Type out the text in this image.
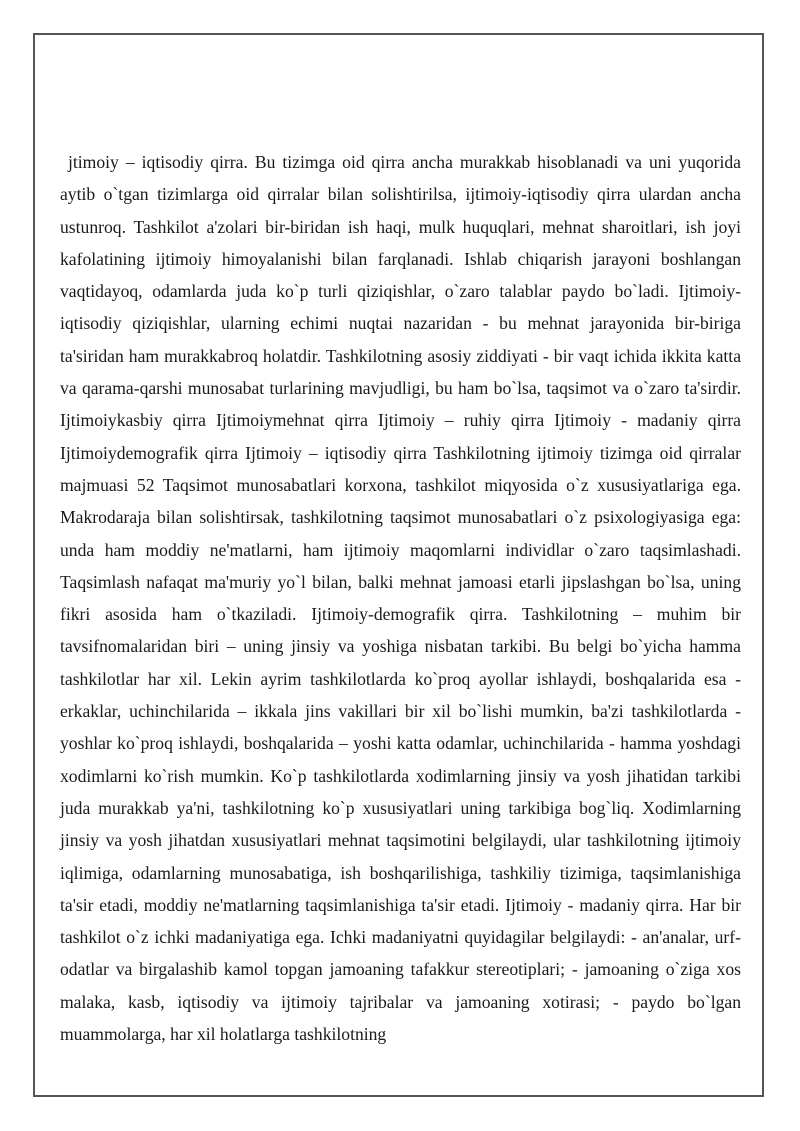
jtimoiy – iqtisodiy qirra. Bu tizimga oid qirra ancha murakkab hisoblanadi va uni yuqorida aytib o`tgan tizimlarga oid qirralar bilan solishtirilsa, ijtimoiy-iqtisodiy qirra ulardan ancha ustunroq. Tashkilot a'zolari bir-biridan ish haqi, mulk huquqlari, mehnat sharoitlari, ish joyi kafolatining ijtimoiy himoyalanishi bilan farqlanadi. Ishlab chiqarish jarayoni boshlangan vaqtidayoq, odamlarda juda ko`p turli qiziqishlar, o`zaro talablar paydo bo`ladi. Ijtimoiy-iqtisodiy qiziqishlar, ularning echimi nuqtai nazaridan - bu mehnat jarayonida bir-biriga ta'siridan ham murakkabroq holatdir. Tashkilotning asosiy ziddiyati - bir vaqt ichida ikkita katta va qarama-qarshi munosabat turlarining mavjudligi, bu ham bo`lsa, taqsimot va o`zaro ta'sirdir. Ijtimoiykasbiy qirra Ijtimoiymehnat qirra Ijtimoiy – ruhiy qirra Ijtimoiy - madaniy qirra Ijtimoiydemografik qirra Ijtimoiy – iqtisodiy qirra Tashkilotning ijtimoiy tizimga oid qirralar majmuasi 52 Taqsimot munosabatlari korxona, tashkilot miqyosida o`z xususiyatlariga ega. Makrodaraja bilan solishtirsak, tashkilotning taqsimot munosabatlari o`z psixologiyasiga ega: unda ham moddiy ne'matlarni, ham ijtimoiy maqomlarni individlar o`zaro taqsimlashadi. Taqsimlash nafaqat ma'muriy yo`l bilan, balki mehnat jamoasi etarli jipslashgan bo`lsa, uning fikri asosida ham o`tkaziladi. Ijtimoiy-demografik qirra. Tashkilotning – muhim bir tavsifnomalaridan biri – uning jinsiy va yoshiga nisbatan tarkibi. Bu belgi bo`yicha hamma tashkilotlar har xil. Lekin ayrim tashkilotlarda ko`proq ayollar ishlaydi, boshqalarida esa - erkaklar, uchinchilarida – ikkala jins vakillari bir xil bo`lishi mumkin, ba'zi tashkilotlarda - yoshlar ko`proq ishlaydi, boshqalarida – yoshi katta odamlar, uchinchilarida - hamma yoshdagi xodimlarni ko`rish mumkin. Ko`p tashkilotlarda xodimlarning jinsiy va yosh jihatidan tarkibi juda murakkab ya'ni, tashkilotning ko`p xususiyatlari uning tarkibiga bog`liq. Xodimlarning jinsiy va yosh jihatdan xususiyatlari mehnat taqsimotini belgilaydi, ular tashkilotning ijtimoiy iqlimiga, odamlarning munosabatiga, ish boshqarilishiga, tashkiliy tizimiga, taqsimlanishiga ta'sir etadi, moddiy ne'matlarning taqsimlanishiga ta'sir etadi. Ijtimoiy - madaniy qirra. Har bir tashkilot o`z ichki madaniyatiga ega. Ichki madaniyatni quyidagilar belgilaydi: - an'analar, urf-odatlar va birgalashib kamol topgan jamoaning tafakkur stereotiplari; - jamoaning o`ziga xos malaka, kasb, iqtisodiy va ijtimoiy tajribalar va jamoaning xotirasi; - paydo bo`lgan muammolarga, har xil holatlarga tashkilotning
